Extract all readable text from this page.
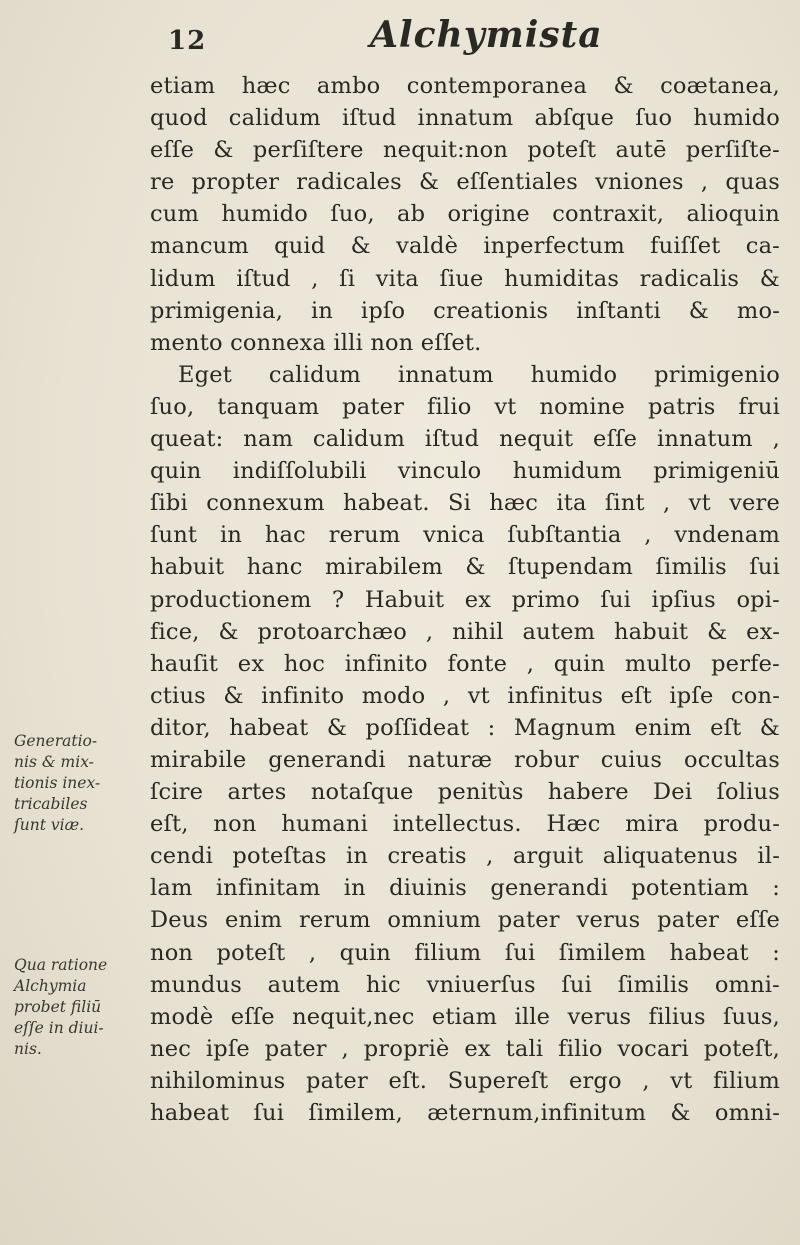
12	Alchymista
etiam hæc ambo contemporanea & coætanea,
quod calidum iſtud innatum abſque ſuo humido
eſſe & perſiſtere nequit:non poteſt autē perſiſte-
re propter radicales & eſſentiales vniones , quas
cum humido ſuo, ab origine contraxit, alioquin
mancum quid & valdè inperfectum fuiſſet ca-
lidum iſtud , ſi vita ſiue humiditas radicalis &
primigenia, in ipſo creationis inſtanti & mo-
mento connexa illi non eſſet.
Eget calidum innatum humido primigenio
ſuo, tanquam pater filio vt nomine patris frui
queat: nam calidum iſtud nequit eſſe innatum ,
quin indiſſolubili vinculo humidum primigeniū
ſibi connexum habeat. Si hæc ita ſint , vt vere
ſunt in hac rerum vnica ſubſtantia , vndenam
habuit hanc mirabilem & ſtupendam ſimilis ſui
productionem ? Habuit ex primo ſui ipſius opi-
fice, & protoarchæo , nihil autem habuit & ex-
hauſit ex hoc infinito fonte , quin multo perfe-
ctius & infinito modo , vt infinitus eſt ipſe con-
ditor, habeat & poſſideat : Magnum enim eſt &
mirabile generandi naturæ robur cuius occultas
ſcire artes notaſque penitùs habere Dei ſolius
eſt, non humani intellectus. Hæc mira produ-
cendi poteſtas in creatis , arguit aliquatenus il-
lam infinitam in diuinis generandi potentiam :
Deus enim rerum omnium pater verus pater eſſe
non poteſt , quin filium ſui ſimilem habeat :
mundus autem hic vniuerſus ſui ſimilis omni-
modè eſſe nequit,nec etiam ille verus filius ſuus,
nec ipſe pater , propriè ex tali filio vocari poteſt,
nihilominus pater eſt. Supereſt ergo , vt filium
habeat ſui ſimilem, æternum,infinitum & omni-
Generatio-
nis & mix-
tionis inex-
tricabiles
ſunt viæ.
Qua ratione
Alchymia
probet filiū
eſſe in diui-
nis.
